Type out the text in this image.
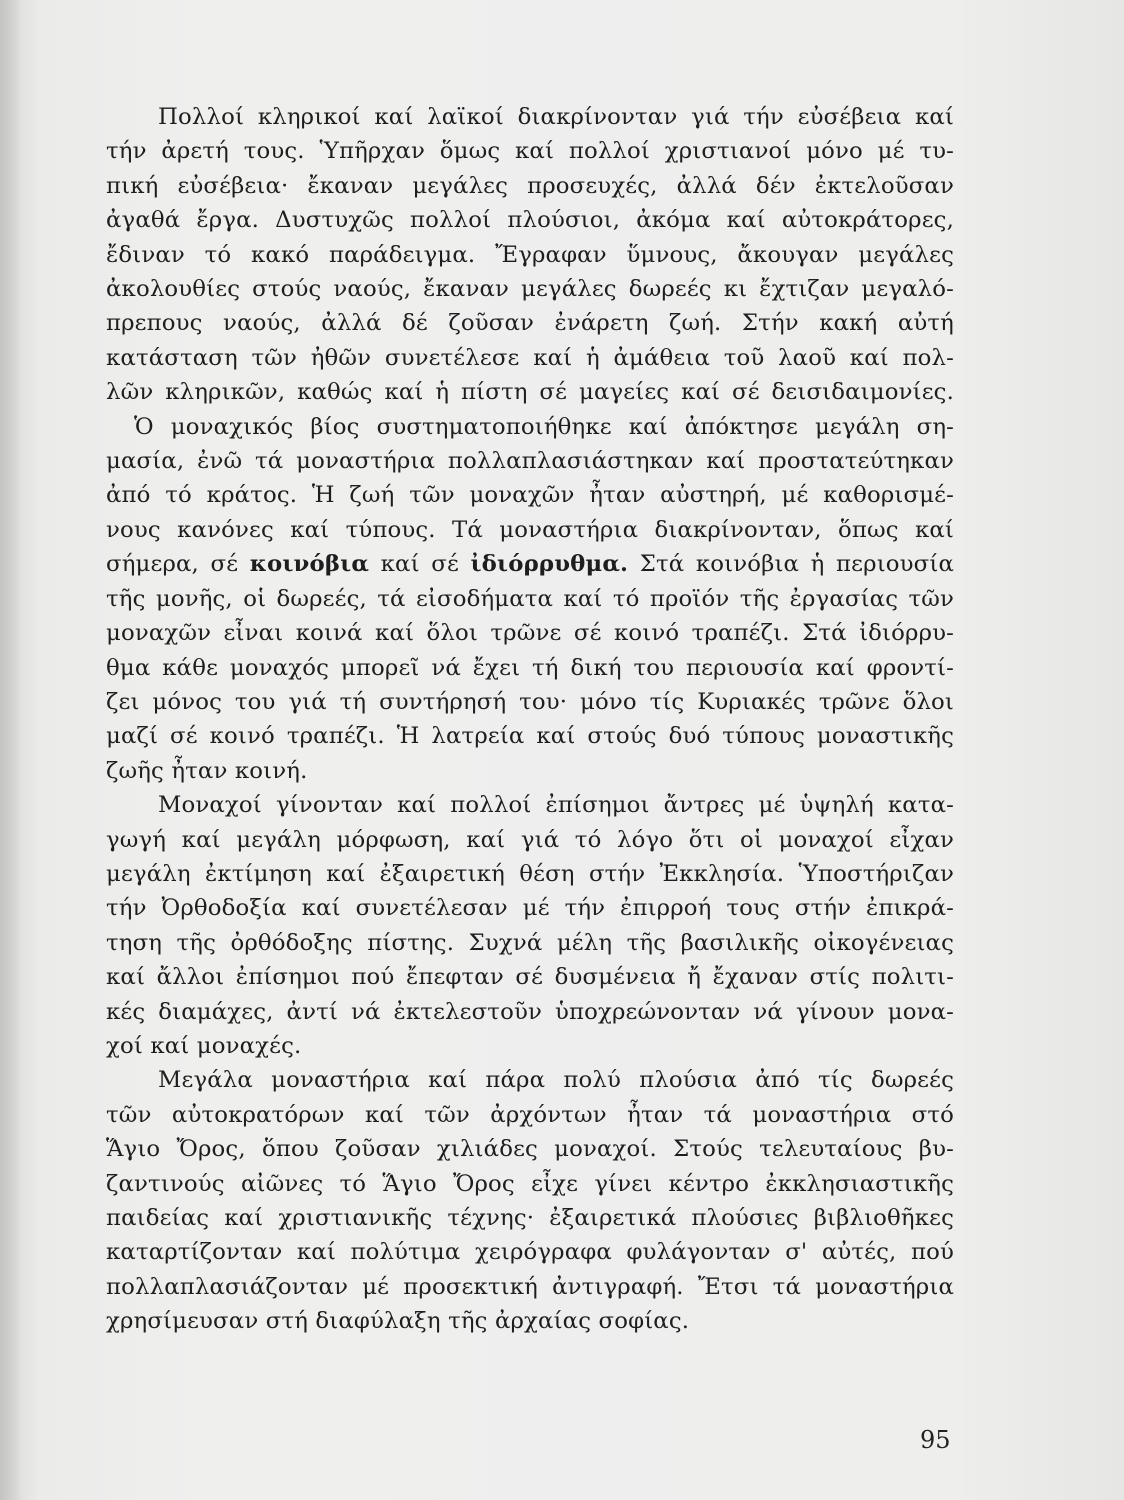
Πολλοί κληρικοί καί λαϊκοί διακρίνονταν γιά τήν εὐσέβεια καί
τήν ἀρετή τους. Ὑπῆρχαν ὅμως καί πολλοί χριστιανοί μόνο μέ τυ-
πική εὐσέβεια· ἔκαναν μεγάλες προσευχές, ἀλλά δέν ἐκτελοῦσαν
ἀγαθά ἔργα. Δυστυχῶς πολλοί πλούσιοι, ἀκόμα καί αὐτοκράτορες,
ἔδιναν τό κακό παράδειγμα. Ἔγραφαν ὕμνους, ἄκουγαν μεγάλες
ἀκολουθίες στούς ναούς, ἔκαναν μεγάλες δωρεές κι ἔχτιζαν μεγαλό-
πρεπους ναούς, ἀλλά δέ ζοῦσαν ἐνάρετη ζωή. Στήν κακή αὐτή
κατάσταση τῶν ἠθῶν συνετέλεσε καί ἡ ἀμάθεια τοῦ λαοῦ καί πολ-
λῶν κληρικῶν, καθώς καί ἡ πίστη σέ μαγείες καί σέ δεισιδαιμονίες.
Ὁ μοναχικός βίος συστηματοποιήθηκε καί ἀπόκτησε μεγάλη ση-
μασία, ἐνῶ τά μοναστήρια πολλαπλασιάστηκαν καί προστατεύτηκαν
ἀπό τό κράτος. Ἡ ζωή τῶν μοναχῶν ἦταν αὐστηρή, μέ καθορισμέ-
νους κανόνες καί τύπους. Τά μοναστήρια διακρίνονταν, ὅπως καί
σήμερα, σέ κοινόβια καί σέ ἰδιόρρυθμα. Στά κοινόβια ἡ περιουσία
τῆς μονῆς, οἱ δωρεές, τά εἰσοδήματα καί τό προϊόν τῆς ἐργασίας τῶν
μοναχῶν εἶναι κοινά καί ὅλοι τρῶνε σέ κοινό τραπέζι. Στά ἰδιόρρυ-
θμα κάθε μοναχός μπορεῖ νά ἔχει τή δική του περιουσία καί φροντί-
ζει μόνος του γιά τή συντήρησή του· μόνο τίς Κυριακές τρῶνε ὅλοι
μαζί σέ κοινό τραπέζι. Ἡ λατρεία καί στούς δυό τύπους μοναστικῆς
ζωῆς ἦταν κοινή.
Μοναχοί γίνονταν καί πολλοί ἐπίσημοι ἄντρες μέ ὑψηλή κατα-
γωγή καί μεγάλη μόρφωση, καί γιά τό λόγο ὅτι οἱ μοναχοί εἶχαν
μεγάλη ἐκτίμηση καί ἐξαιρετική θέση στήν Ἐκκλησία. Ὑποστήριζαν
τήν Ὀρθοδοξία καί συνετέλεσαν μέ τήν ἐπιρροή τους στήν ἐπικρά-
τηση τῆς ὀρθόδοξης πίστης. Συχνά μέλη τῆς βασιλικῆς οἰκογένειας
καί ἄλλοι ἐπίσημοι πού ἔπεφταν σέ δυσμένεια ἤ ἔχαναν στίς πολιτι-
κές διαμάχες, ἀντί νά ἐκτελεστοῦν ὑποχρεώνονταν νά γίνουν μονα-
χοί καί μοναχές.
Μεγάλα μοναστήρια καί πάρα πολύ πλούσια ἀπό τίς δωρεές
τῶν αὐτοκρατόρων καί τῶν ἀρχόντων ἦταν τά μοναστήρια στό
Ἅγιο Ὄρος, ὅπου ζοῦσαν χιλιάδες μοναχοί. Στούς τελευταίους βυ-
ζαντινούς αἰῶνες τό Ἅγιο Ὄρος εἶχε γίνει κέντρο ἐκκλησιαστικῆς
παιδείας καί χριστιανικῆς τέχνης· ἐξαιρετικά πλούσιες βιβλιοθῆκες
καταρτίζονταν καί πολύτιμα χειρόγραφα φυλάγονταν σ' αὐτές, πού
πολλαπλασιάζονταν μέ προσεκτική ἀντιγραφή. Ἔτσι τά μοναστήρια
χρησίμευσαν στή διαφύλαξη τῆς ἀρχαίας σοφίας.
95
